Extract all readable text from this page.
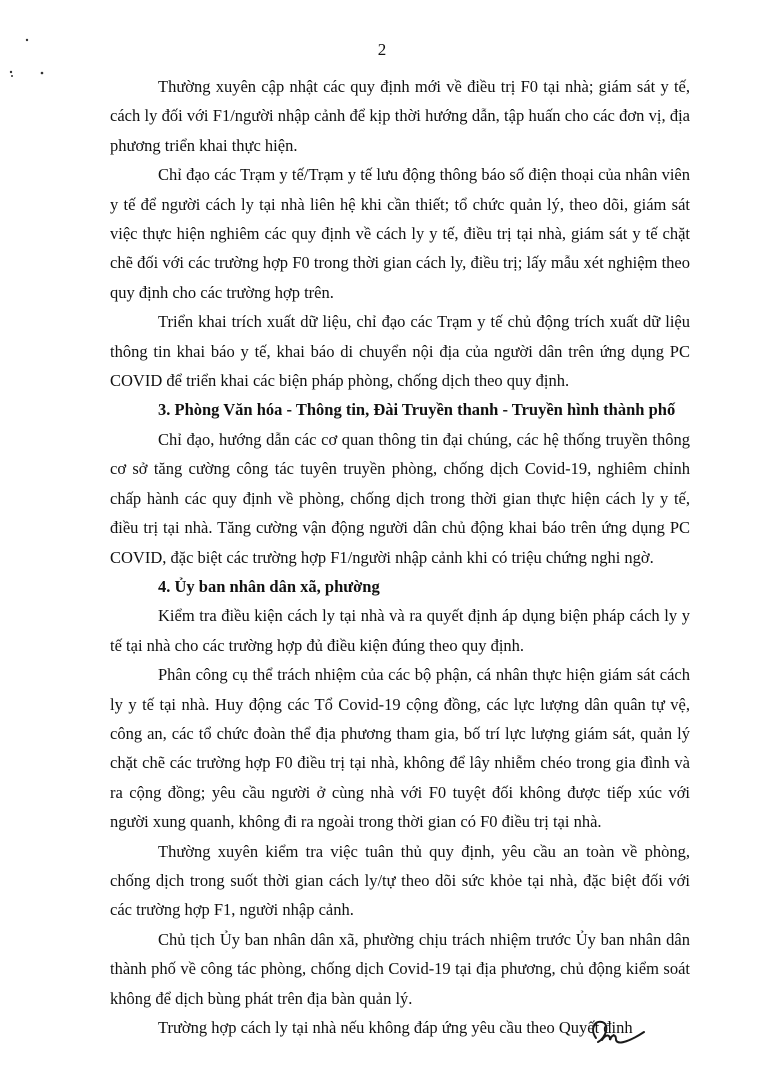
2

Thường xuyên cập nhật các quy định mới về điều trị F0 tại nhà; giám sát y tế, cách ly đối với F1/người nhập cảnh để kịp thời hướng dẫn, tập huấn cho các đơn vị, địa phương triển khai thực hiện.

Chỉ đạo các Trạm y tế/Trạm y tế lưu động thông báo số điện thoại của nhân viên y tế để người cách ly tại nhà liên hệ khi cần thiết; tổ chức quản lý, theo dõi, giám sát việc thực hiện nghiêm các quy định về cách ly y tế, điều trị tại nhà, giám sát y tế chặt chẽ đối với các trường hợp F0 trong thời gian cách ly, điều trị; lấy mẫu xét nghiệm theo quy định cho các trường hợp trên.

Triển khai trích xuất dữ liệu, chỉ đạo các Trạm y tế chủ động trích xuất dữ liệu thông tin khai báo y tế, khai báo di chuyển nội địa của người dân trên ứng dụng PC COVID để triển khai các biện pháp phòng, chống dịch theo quy định.

3. Phòng Văn hóa - Thông tin, Đài Truyền thanh - Truyền hình thành phố

Chỉ đạo, hướng dẫn các cơ quan thông tin đại chúng, các hệ thống truyền thông cơ sở tăng cường công tác tuyên truyền phòng, chống dịch Covid-19, nghiêm chỉnh chấp hành các quy định về phòng, chống dịch trong thời gian thực hiện cách ly y tế, điều trị tại nhà. Tăng cường vận động người dân chủ động khai báo trên ứng dụng PC COVID, đặc biệt các trường hợp F1/người nhập cảnh khi có triệu chứng nghi ngờ.

4. Ủy ban nhân dân xã, phường

Kiểm tra điều kiện cách ly tại nhà và ra quyết định áp dụng biện pháp cách ly y tế tại nhà cho các trường hợp đủ điều kiện đúng theo quy định.

Phân công cụ thể trách nhiệm của các bộ phận, cá nhân thực hiện giám sát cách ly y tế tại nhà. Huy động các Tổ Covid-19 cộng đồng, các lực lượng dân quân tự vệ, công an, các tổ chức đoàn thể địa phương tham gia, bố trí lực lượng giám sát, quản lý chặt chẽ các trường hợp F0 điều trị tại nhà, không để lây nhiễm chéo trong gia đình và ra cộng đồng; yêu cầu người ở cùng nhà với F0 tuyệt đối không được tiếp xúc với người xung quanh, không đi ra ngoài trong thời gian có F0 điều trị tại nhà.

Thường xuyên kiểm tra việc tuân thủ quy định, yêu cầu an toàn về phòng, chống dịch trong suốt thời gian cách ly/tự theo dõi sức khỏe tại nhà, đặc biệt đối với các trường hợp F1, người nhập cảnh.

Chủ tịch Ủy ban nhân dân xã, phường chịu trách nhiệm trước Ủy ban nhân dân thành phố về công tác phòng, chống dịch Covid-19 tại địa phương, chủ động kiểm soát không để dịch bùng phát trên địa bàn quản lý.

Trường hợp cách ly tại nhà nếu không đáp ứng yêu cầu theo Quyết định
